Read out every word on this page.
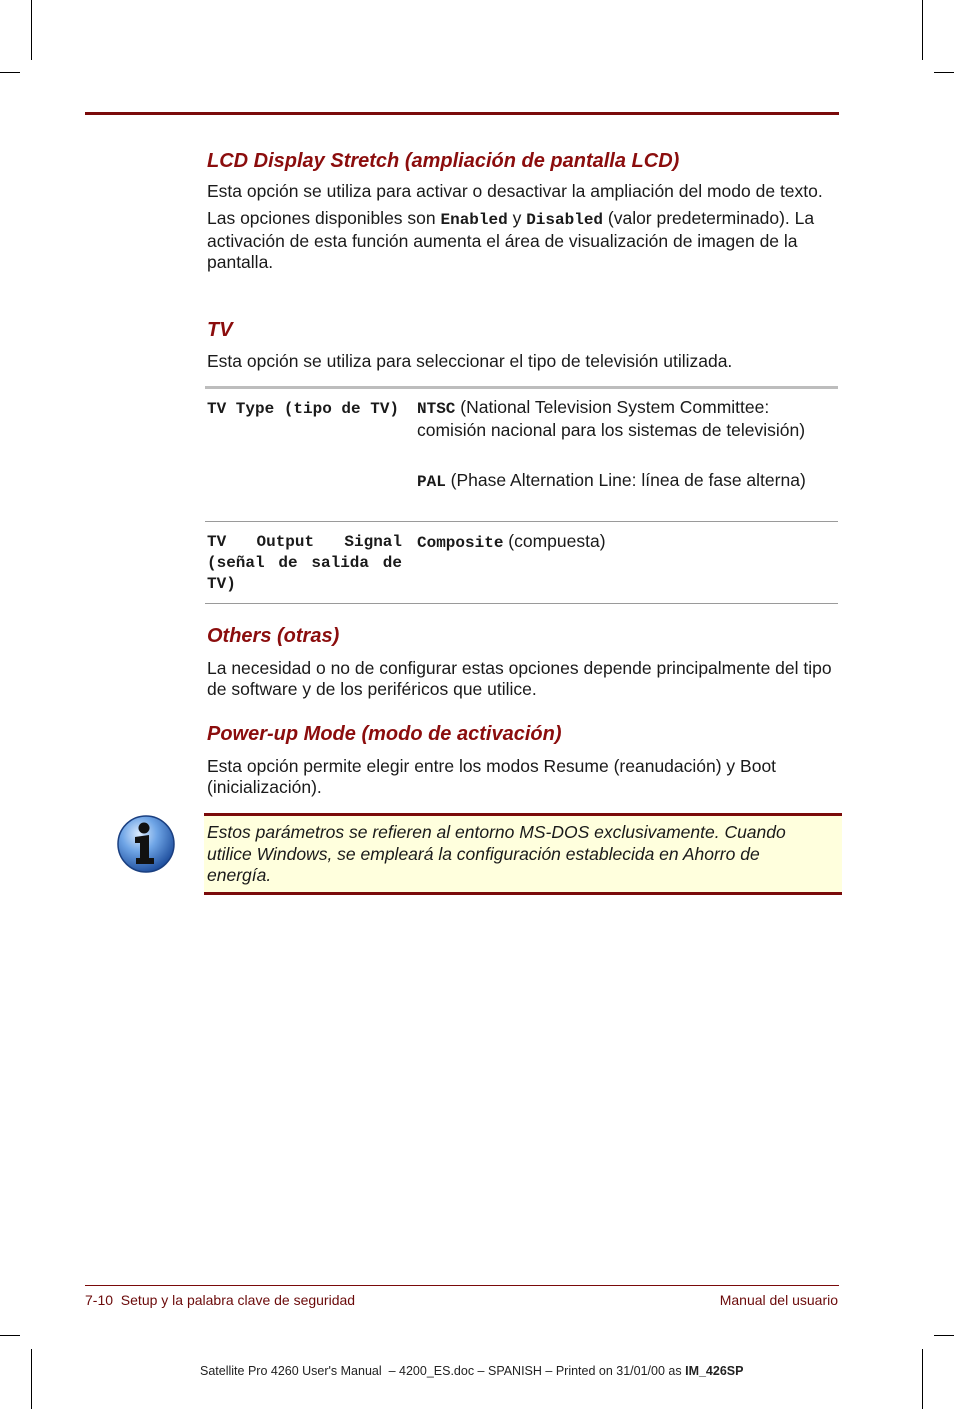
LCD Display Stretch (ampliación de pantalla LCD)

Esta opción se utiliza para activar o desactivar la ampliación del modo de texto.

Las opciones disponibles son Enabled y Disabled (valor predeterminado). La activación de esta función aumenta el área de visualización de imagen de la pantalla.

TV

Esta opción se utiliza para seleccionar el tipo de televisión utilizada.

TV Type (tipo de TV) NTSC (National Television System Committee: comisión nacional para los sistemas de televisión)
PAL (Phase Alternation Line: línea de fase alterna)
TV Output Signal (señal de salida de TV)
Composite (compuesta)
Others (otras)

La necesidad o no de configurar estas opciones depende principalmente del tipo de software y de los periféricos que utilice.

Power-up Mode (modo de activación)

Esta opción permite elegir entre los modos Resume (reanudación) y Boot (inicialización).

Estos parámetros se refieren al entorno MS-DOS exclusivamente. Cuando utilice Windows, se empleará la configuración establecida en Ahorro de energía.
7-10  Setup y la palabra clave de seguridad	Manual del usuario
Satellite Pro 4260 User's Manual  – 4200_ES.doc – SPANISH – Printed on 31/01/00 as IM_426SP
